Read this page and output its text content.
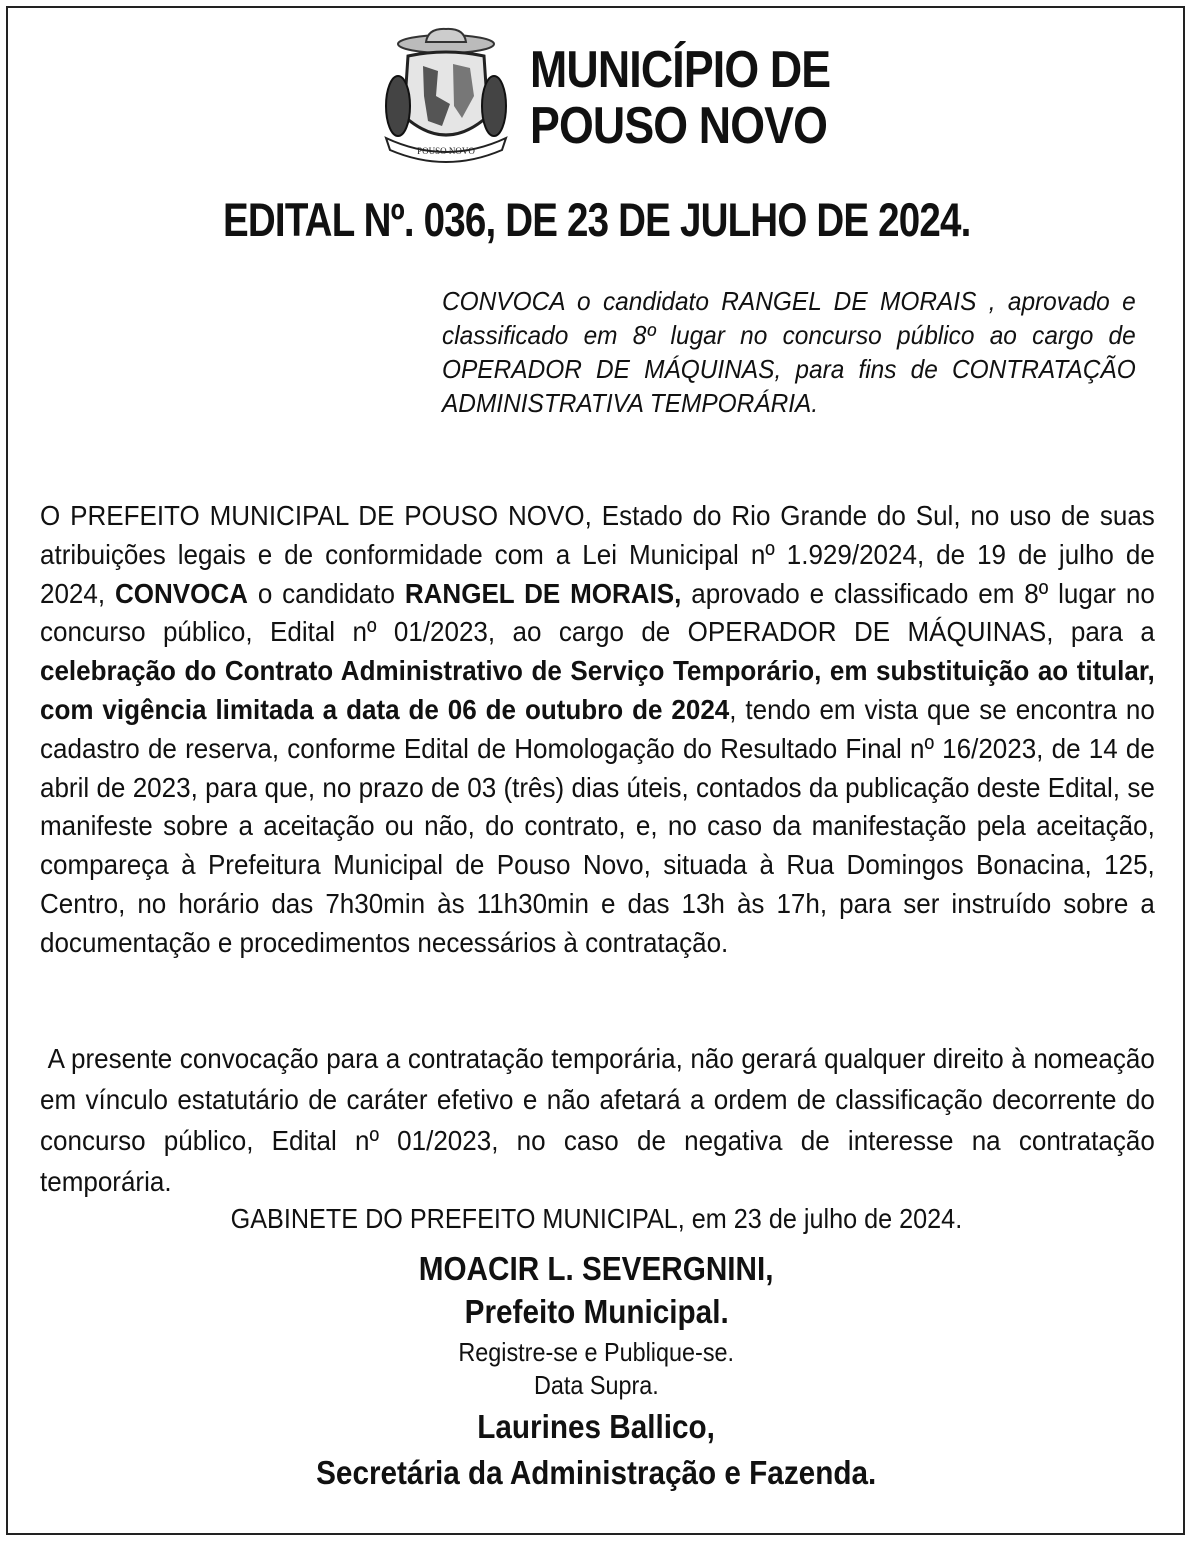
POUSO NOVO
MUNICÍPIO DE
POUSO NOVO
EDITAL Nº. 036, DE 23 DE JULHO DE 2024.
CONVOCA o candidato RANGEL DE MORAIS , aprovado e classificado em 8º lugar no concurso público ao cargo de OPERADOR DE MÁQUINAS, para fins de CONTRATAÇÃO ADMINISTRATIVA TEMPORÁRIA.
O PREFEITO MUNICIPAL DE POUSO NOVO, Estado do Rio Grande do Sul, no uso de suas atribuições legais e de conformidade com a Lei Municipal nº 1.929/2024, de 19 de julho de 2024, CONVOCA o candidato RANGEL DE MORAIS, aprovado e classificado em 8º lugar no concurso público, Edital nº 01/2023, ao cargo de OPERADOR DE MÁQUINAS, para a celebração do Contrato Administrativo de Serviço Temporário, em substituição ao titular, com vigência limitada a data de 06 de outubro de 2024, tendo em vista que se encontra no cadastro de reserva, conforme Edital de Homologação do Resultado Final nº 16/2023, de 14 de abril de 2023, para que, no prazo de 03 (três) dias úteis, contados da publicação deste Edital, se manifeste sobre a aceitação ou não, do contrato, e, no caso da manifestação pela aceitação, compareça à Prefeitura Municipal de Pouso Novo, situada à Rua Domingos Bonacina, 125, Centro, no horário das 7h30min às 11h30min e das 13h às 17h, para ser instruído sobre a documentação e procedimentos necessários à contratação.
A presente convocação para a contratação temporária, não gerará qualquer direito à nomeação em vínculo estatutário de caráter efetivo e não afetará a ordem de classificação decorrente do concurso público, Edital nº 01/2023, no caso de negativa de interesse na contratação temporária.
GABINETE DO PREFEITO MUNICIPAL, em 23 de julho de 2024.
MOACIR L. SEVERGNINI,
Prefeito Municipal.
Registre-se e Publique-se.
Data Supra.
Laurines Ballico,
Secretária da Administração e Fazenda.
